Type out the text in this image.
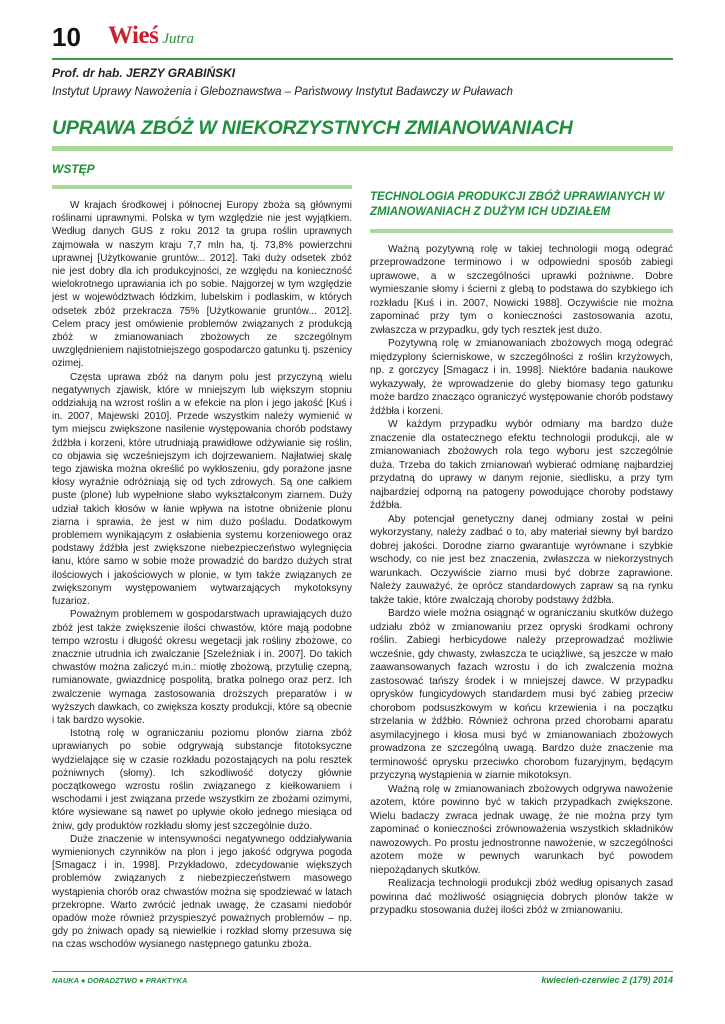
10 Wieś Jutra
Prof. dr hab. JERZY GRABIŃSKI
Instytut Uprawy Nawożenia i Gleboznawstwa – Państwowy Instytut Badawczy w Puławach
UPRAWA ZBÓŻ W NIEKORZYSTNYCH ZMIANOWANIACH
WSTĘP

W krajach środkowej i północnej Europy zboża są głównymi roślinami uprawnymi. Polska w tym względzie nie jest wyjątkiem. Według danych GUS z roku 2012 ta grupa roślin uprawnych zajmowała w naszym kraju 7,7 mln ha, tj. 73,8% powierzchni uprawnej [Użytkowanie gruntów... 2012]. Taki duży odsetek zbóż nie jest dobry dla ich produkcyjności, ze względu na konieczność wielokrotnego uprawiania ich po sobie. Najgorzej w tym względzie jest w województwach łódzkim, lubelskim i podlaskim, w których odsetek zbóż przekracza 75% [Użytkowanie gruntów... 2012]. Celem pracy jest omówienie problemów związanych z produkcją zbóż w zmianowaniach zbożowych ze szczególnym uwzględnieniem najistotniejszego gospodarczo gatunku tj. pszenicy ozimej.

Częsta uprawa zbóż na danym polu jest przyczyną wielu negatywnych zjawisk, które w mniejszym lub większym stopniu oddziałują na wzrost roślin a w efekcie na plon i jego jakość [Kuś i in. 2007, Majewski 2010]. Przede wszystkim należy wymienić w tym miejscu zwiększone nasilenie występowania chorób podstawy źdźbła i korzeni, które utrudniają prawidłowe odżywianie się roślin, co objawia się wcześniejszym ich dojrzewaniem. Najłatwiej skalę tego zjawiska można określić po wykłoszeniu, gdy porażone jasne kłosy wyraźnie odróżniają się od tych zdrowych. Są one całkiem puste (plone) lub wypełnione słabo wykształconym ziarnem. Duży udział takich kłosów w łanie wpływa na istotne obniżenie plonu ziarna i sprawia, że jest w nim dużo pośladu. Dodatkowym problemem wynikającym z osłabienia systemu korzeniowego oraz podstawy źdźbła jest zwiększone niebezpieczeństwo wylegnięcia łanu, które samo w sobie może prowadzić do bardzo dużych strat ilościowych i jakościowych w plonie, w tym także związanych ze zwiększonym występowaniem wytwarzających mykotoksyny fuzarioz.

Poważnym problemem w gospodarstwach uprawiających dużo zbóż jest także zwiększenie ilości chwastów, które mają podobne tempo wzrostu i długość okresu wegetacji jak rośliny zbożowe, co znacznie utrudnia ich zwalczanie [Szeleźniak i in. 2007]. Do takich chwastów można zaliczyć m.in.: miotłę zbożową, przytulię czepną, rumianowate, gwiazdnicę pospolitą, bratka polnego oraz perz. Ich zwalczenie wymaga zastosowania droższych preparatów i w wyższych dawkach, co zwiększa koszty produkcji, które są obecnie i tak bardzo wysokie.

Istotną rolę w ograniczaniu poziomu plonów ziarna zbóż uprawianych po sobie odgrywają substancje fitotoksyczne wydzielające się w czasie rozkładu pozostających na polu resztek pożniwnych (słomy). Ich szkodliwość dotyczy głównie początkowego wzrostu roślin związanego z kiełkowaniem i wschodami i jest związana przede wszystkim ze zbożami ozimymi, które wysiewane są nawet po upływie około jednego miesiąca od żniw, gdy produktów rozkładu słomy jest szczególnie dużo.

Duże znaczenie w intensywności negatywnego oddziaływania wymienionych czynników na plon i jego jakość odgrywa pogoda [Smagacz i in. 1998]. Przykładowo, zdecydowanie większych problemów związanych z niebezpieczeństwem masowego wystąpienia chorób oraz chwastów można się spodziewać w latach przekropne. Warto zwrócić jednak uwagę, że czasami niedobór opadów może również przyspieszyć poważnych problemów – np. gdy po żniwach opady są niewielkie i rozkład słomy przesuwa się na czas wschodów wysianego następnego gatunku zboża.

TECHNOLOGIA PRODUKCJI ZBÓŻ UPRAWIANYCH W ZMIANOWANIACH Z DUŻYM ICH UDZIAŁEM

Ważną pozytywną rolę w takiej technologii mogą odegrać przeprowadzone terminowo i w odpowiedni sposób zabiegi uprawowe, a w szczególności uprawki pożniwne. Dobre wymieszanie słomy i ścierni z glebą to podstawa do szybkiego ich rozkładu [Kuś i in. 2007, Nowicki 1988]. Oczywiście nie można zapominać przy tym o konieczności zastosowania azotu, zwłaszcza w przypadku, gdy tych resztek jest dużo.

Pozytywną rolę w zmianowaniach zbożowych mogą odegrać międzyplony ścierniskowe, w szczególności z roślin krzyżowych, np. z gorczycy [Smagacz i in. 1998]. Niektóre badania naukowe wykazywały, że wprowadzenie do gleby biomasy tego gatunku może bardzo znacząco ograniczyć występowanie chorób podstawy źdźbła i korzeni.

W każdym przypadku wybór odmiany ma bardzo duże znaczenie dla ostatecznego efektu technologii produkcji, ale w zmianowaniach zbożowych rola tego wyboru jest szczególnie duża. Trzeba do takich zmianowań wybierać odmianę najbardziej przydatną do uprawy w danym rejonie, siedlisku, a przy tym najbardziej odporną na patogeny powodujące choroby podstawy źdźbła.

Aby potencjał genetyczny danej odmiany został w pełni wykorzystany, należy zadbać o to, aby materiał siewny był bardzo dobrej jakości. Dorodne ziarno gwarantuje wyrównane i szybkie wschody, co nie jest bez znaczenia, zwłaszcza w niekorzystnych warunkach. Oczywiście ziarno musi być dobrze zaprawione. Należy zauważyć, że oprócz standardowych zapraw są na rynku także takie, które zwalczają choroby podstawy źdźbła.

Bardzo wiele można osiągnąć w ograniczaniu skutków dużego udziału zbóż w zmianowaniu przez opryski środkami ochrony roślin. Zabiegi herbicydowe należy przeprowadzać możliwie wcześnie, gdy chwasty, zwłaszcza te uciążliwe, są jeszcze w mało zaawansowanych fazach wzrostu i do ich zwalczenia można zastosować tańszy środek i w mniejszej dawce. W przypadku oprysków fungicydowych standardem musi być zabieg przeciw chorobom podsuszkowym w końcu krzewienia i na początku strzelania w źdźbło. Również ochrona przed chorobami aparatu asymilacyjnego i kłosa musi być w zmianowaniach zbożowych prowadzona ze szczególną uwagą. Bardzo duże znaczenie ma terminowość oprysku przeciwko chorobom fuzaryjnym, będącym przyczyną wystąpienia w ziarnie mikotoksyn.

Ważną rolę w zmianowaniach zbożowych odgrywa nawożenie azotem, które powinno być w takich przypadkach zwiększone. Wielu badaczy zwraca jednak uwagę, że nie można przy tym zapominać o konieczności zrównoważenia wszystkich składników nawozowych. Po prostu jednostronne nawożenie, w szczególności azotem może w pewnych warunkach być powodem niepożądanych skutków.

Realizacja technologii produkcji zbóż według opisanych zasad powinna dać możliwość osiągnięcia dobrych plonów także w przypadku stosowania dużej ilości zbóż w zmianowaniu.

NAUKA ● DORADZTWO ● PRAKTYKA	kwiecień-czerwiec 2 (179) 2014
